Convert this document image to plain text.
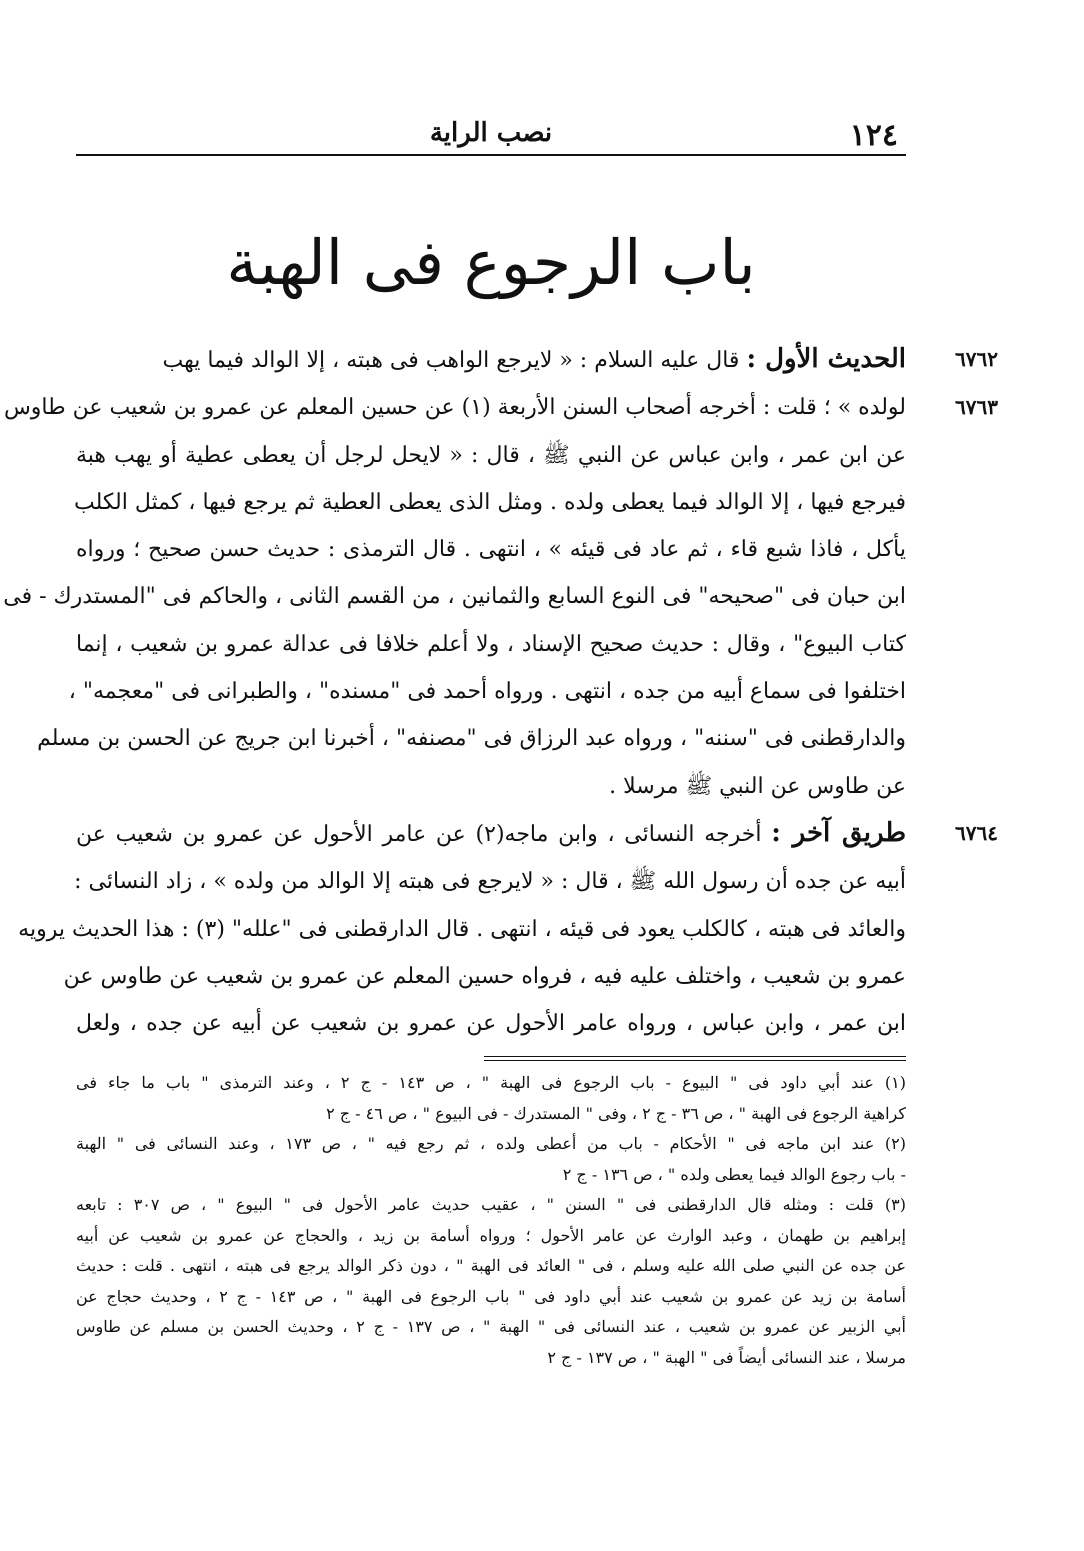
١٢٤
نصب الراية
باب الرجوع فى الهبة
٦٧٦٢
الحديث الأول : قال عليه السلام : « لايرجع الواهب فى هبته ، إلا الوالد فيما يهب
٦٧٦٣
لولده » ؛ قلت : أخرجه أصحاب السنن الأربعة (١) عن حسين المعلم عن عمرو بن شعيب عن طاوس
عن ابن عمر ، وابن عباس عن النبي ﷺ ، قال : « لايحل لرجل أن يعطى عطية أو يهب هبة
فيرجع فيها ، إلا الوالد فيما يعطى ولده . ومثل الذى يعطى العطية ثم يرجع فيها ، كمثل الكلب
يأكل ، فاذا شبع قاء ، ثم عاد فى قيئه » ، انتهى . قال الترمذى : حديث حسن صحيح ؛ ورواه
ابن حبان فى "صحيحه" فى النوع السابع والثمانين ، من القسم الثانى ، والحاكم فى "المستدرك - فى
كتاب البيوع" ، وقال : حديث صحيح الإسناد ، ولا أعلم خلافا فى عدالة عمرو بن شعيب ، إنما
اختلفوا فى سماع أبيه من جده ، انتهى . ورواه أحمد فى "مسنده" ، والطبرانى فى "معجمه" ،
والدارقطنى فى "سننه" ، ورواه عبد الرزاق فى "مصنفه" ، أخبرنا ابن جريج عن الحسن بن مسلم
عن طاوس عن النبي ﷺ مرسلا .
٦٧٦٤
طريق آخر : أخرجه النسائى ، وابن ماجه(٢) عن عامر الأحول عن عمرو بن شعيب عن
أبيه عن جده أن رسول الله ﷺ ، قال : « لايرجع فى هبته إلا الوالد من ولده » ، زاد النسائى :
والعائد فى هبته ، كالكلب يعود فى قيئه ، انتهى . قال الدارقطنى فى "علله" (٣) : هذا الحديث يرويه
عمرو بن شعيب ، واختلف عليه فيه ، فرواه حسين المعلم عن عمرو بن شعيب عن طاوس عن
ابن عمر ، وابن عباس ، ورواه عامر الأحول عن عمرو بن شعيب عن أبيه عن جده ، ولعل
(١) عند أبي داود فى " البيوع - باب الرجوع فى الهبة " ، ص ١٤٣ - ج ٢ ، وعند الترمذى " باب ما جاء فى
كراهية الرجوع فى الهبة " ، ص ٣٦ - ج ٢ ، وفى " المستدرك - فى البيوع " ، ص ٤٦ - ج ٢
(٢) عند ابن ماجه فى " الأحكام - باب من أعطى ولده ، ثم رجع فيه " ، ص ١٧٣ ، وعند النسائى فى " الهبة
- باب رجوع الوالد فيما يعطى ولده " ، ص ١٣٦ - ج ٢
(٣) قلت : ومثله قال الدارقطنى فى " السنن " ، عقيب حديث عامر الأحول فى " البيوع " ، ص ٣٠٧ : تابعه
إبراهيم بن طهمان ، وعبد الوارث عن عامر الأحول ؛ ورواه أسامة بن زيد ، والحجاج عن عمرو بن شعيب عن أبيه
عن جده عن النبي صلى الله عليه وسلم ، فى " العائد فى الهبة " ، دون ذكر الوالد يرجع فى هبته ، انتهى . قلت : حديث
أسامة بن زيد عن عمرو بن شعيب عند أبي داود فى " باب الرجوع فى الهبة " ، ص ١٤٣ - ج ٢ ، وحديث حجاج عن
أبي الزبير عن عمرو بن شعيب ، عند النسائى فى " الهبة " ، ص ١٣٧ - ج ٢ ، وحديث الحسن بن مسلم عن طاوس
مرسلا ، عند النسائى أيضاً فى " الهبة " ، ص ١٣٧ - ج ٢
